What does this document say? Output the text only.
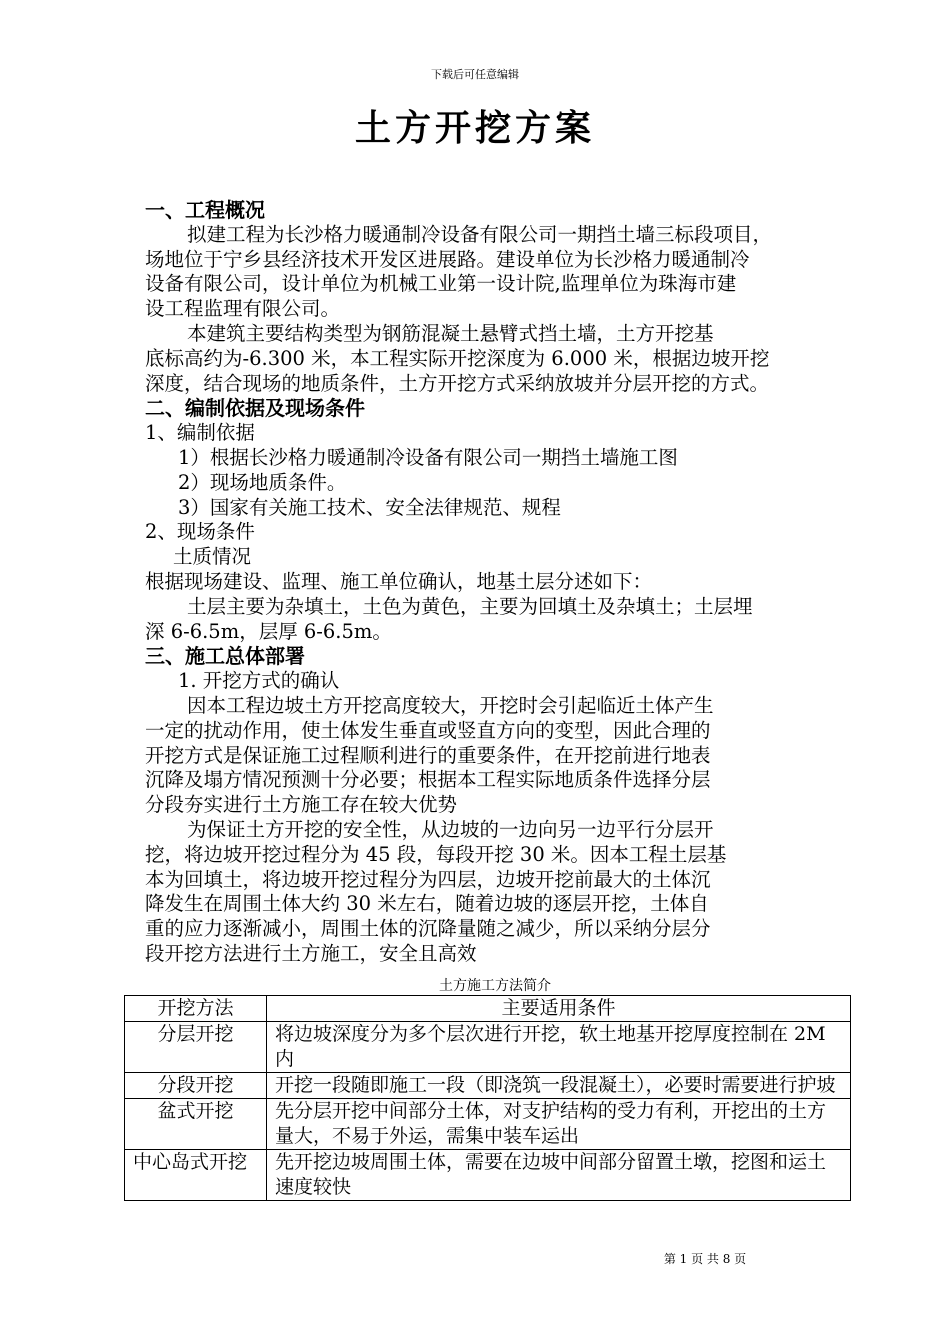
下载后可任意编辑
土方开挖方案
一、工程概况
拟建工程为长沙格力暖通制冷设备有限公司一期挡土墙三标段项目，
场地位于宁乡县经济技术开发区进展路。建设单位为长沙格力暖通制冷
设备有限公司，设计单位为机械工业第一设计院,监理单位为珠海市建
设工程监理有限公司。
本建筑主要结构类型为钢筋混凝土悬臂式挡土墙，土方开挖基
底标高约为-6.300 米，本工程实际开挖深度为 6.000 米，根据边坡开挖
深度，结合现场的地质条件，土方开挖方式采纳放坡并分层开挖的方式。
二、编制依据及现场条件
1、编制依据
1）根据长沙格力暖通制冷设备有限公司一期挡土墙施工图
2）现场地质条件。
3）国家有关施工技术、安全法律规范、规程
2、现场条件
土质情况
根据现场建设、监理、施工单位确认，地基土层分述如下：
土层主要为杂填土，土色为黄色，主要为回填土及杂填土；土层埋
深 6-6.5m，层厚 6-6.5m。
三、施工总体部署
1. 开挖方式的确认
因本工程边坡土方开挖高度较大，开挖时会引起临近土体产生
一定的扰动作用，使土体发生垂直或竖直方向的变型，因此合理的
开挖方式是保证施工过程顺利进行的重要条件，在开挖前进行地表
沉降及塌方情况预测十分必要；根据本工程实际地质条件选择分层
分段夯实进行土方施工存在较大优势
为保证土方开挖的安全性，从边坡的一边向另一边平行分层开
挖，将边坡开挖过程分为 45 段，每段开挖 30 米。因本工程土层基
本为回填土，将边坡开挖过程分为四层，边坡开挖前最大的土体沉
降发生在周围土体大约 30 米左右，随着边坡的逐层开挖，土体自
重的应力逐渐减小，周围土体的沉降量随之减少，所以采纳分层分
段开挖方法进行土方施工，安全且高效
土方施工方法简介
开挖方法	主要适用条件
分层开挖	将边坡深度分为多个层次进行开挖，软土地基开挖厚度控制在 2M 内
分段开挖	开挖一段随即施工一段（即浇筑一段混凝土），必要时需要进行护坡
盆式开挖	先分层开挖中间部分土体，对支护结构的受力有利，开挖出的土方量大，不易于外运，需集中装车运出
中心岛式开挖	先开挖边坡周围土体，需要在边坡中间部分留置土墩，挖图和运土速度较快
第 1 页 共 8 页
